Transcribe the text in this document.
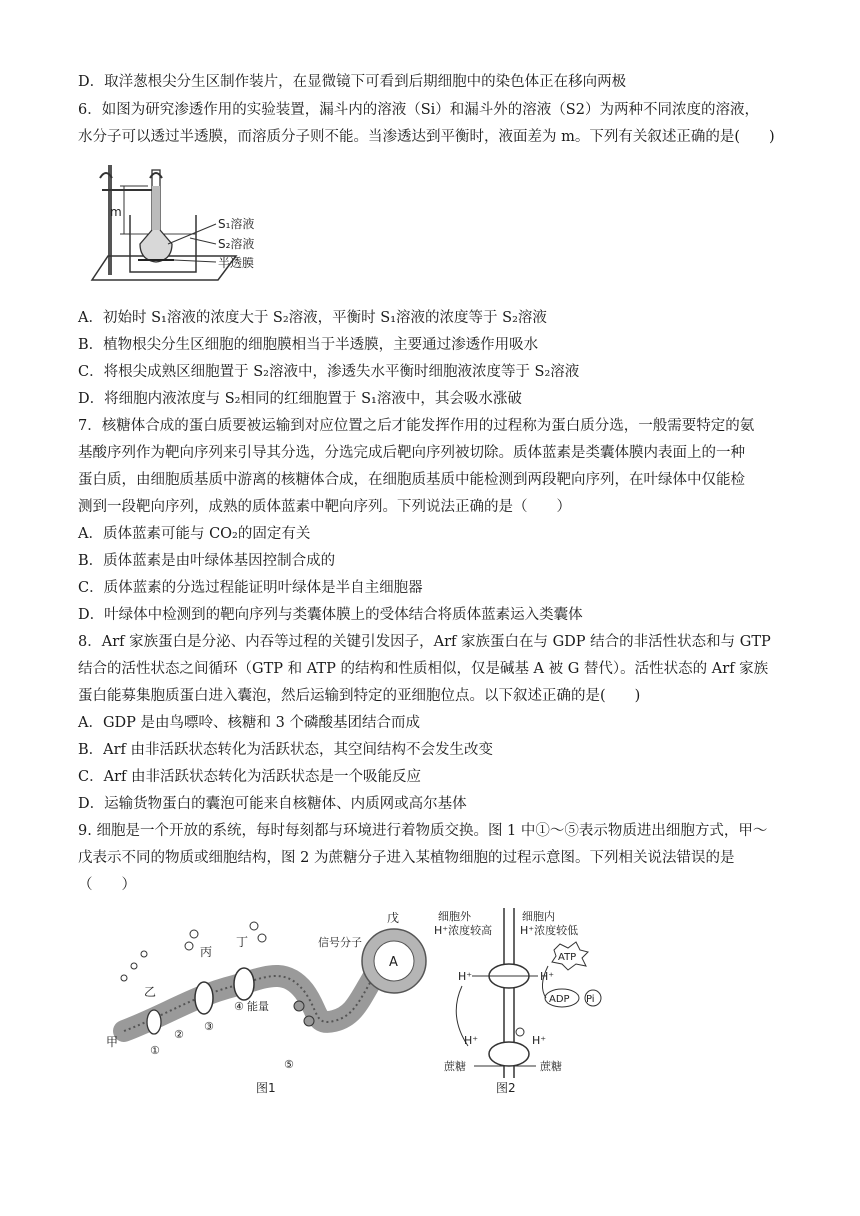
D．取洋葱根尖分生区制作装片，在显微镜下可看到后期细胞中的染色体正在移向两极
6．如图为研究渗透作用的实验装置，漏斗内的溶液（Si）和漏斗外的溶液（S2）为两种不同浓度的溶液，
水分子可以透过半透膜，而溶质分子则不能。当渗透达到平衡时，液面差为 m。下列有关叙述正确的是(　　)
m
S₁溶液
S₂溶液
半透膜
A．初始时 S₁溶液的浓度大于 S₂溶液，平衡时 S₁溶液的浓度等于 S₂溶液
B．植物根尖分生区细胞的细胞膜相当于半透膜，主要通过渗透作用吸水
C．将根尖成熟区细胞置于 S₂溶液中，渗透失水平衡时细胞液浓度等于 S₂溶液
D．将细胞内液浓度与 S₂相同的红细胞置于 S₁溶液中，其会吸水涨破
7．核糖体合成的蛋白质要被运输到对应位置之后才能发挥作用的过程称为蛋白质分选，一般需要特定的氨
基酸序列作为靶向序列来引导其分选，分选完成后靶向序列被切除。质体蓝素是类囊体膜内表面上的一种
蛋白质，由细胞质基质中游离的核糖体合成，在细胞质基质中能检测到两段靶向序列，在叶绿体中仅能检
测到一段靶向序列，成熟的质体蓝素中靶向序列。下列说法正确的是（　　）
A．质体蓝素可能与 CO₂的固定有关
B．质体蓝素是由叶绿体基因控制合成的
C．质体蓝素的分选过程能证明叶绿体是半自主细胞器
D．叶绿体中检测到的靶向序列与类囊体膜上的受体结合将质体蓝素运入类囊体
8．Arf 家族蛋白是分泌、内吞等过程的关键引发因子，Arf 家族蛋白在与 GDP 结合的非活性状态和与 GTP
结合的活性状态之间循环（GTP 和 ATP 的结构和性质相似，仅是碱基 A 被 G 替代）。活性状态的 Arf 家族
蛋白能募集胞质蛋白进入囊泡，然后运输到特定的亚细胞位点。以下叙述正确的是(　　)
A．GDP 是由鸟嘌呤、核糖和 3 个磷酸基团结合而成
B．Arf 由非活跃状态转化为活跃状态，其空间结构不会发生改变
C．Arf 由非活跃状态转化为活跃状态是一个吸能反应
D．运输货物蛋白的囊泡可能来自核糖体、内质网或高尔基体
9. 细胞是一个开放的系统，每时每刻都与环境进行着物质交换。图 1 中①～⑤表示物质进出细胞方式，甲～
戊表示不同的物质或细胞结构，图 2 为蔗糖分子进入某植物细胞的过程示意图。下列相关说法错误的是
（　　）
A
戊
信号分子
甲
乙
丙
丁
①
②
③
④ 能量
⑤
图1
细胞外
H⁺浓度较高
细胞内
H⁺浓度较低
H⁺	H⁺
ATP
ADP Pi
H⁺	H⁺
蔗糖	蔗糖
图2
